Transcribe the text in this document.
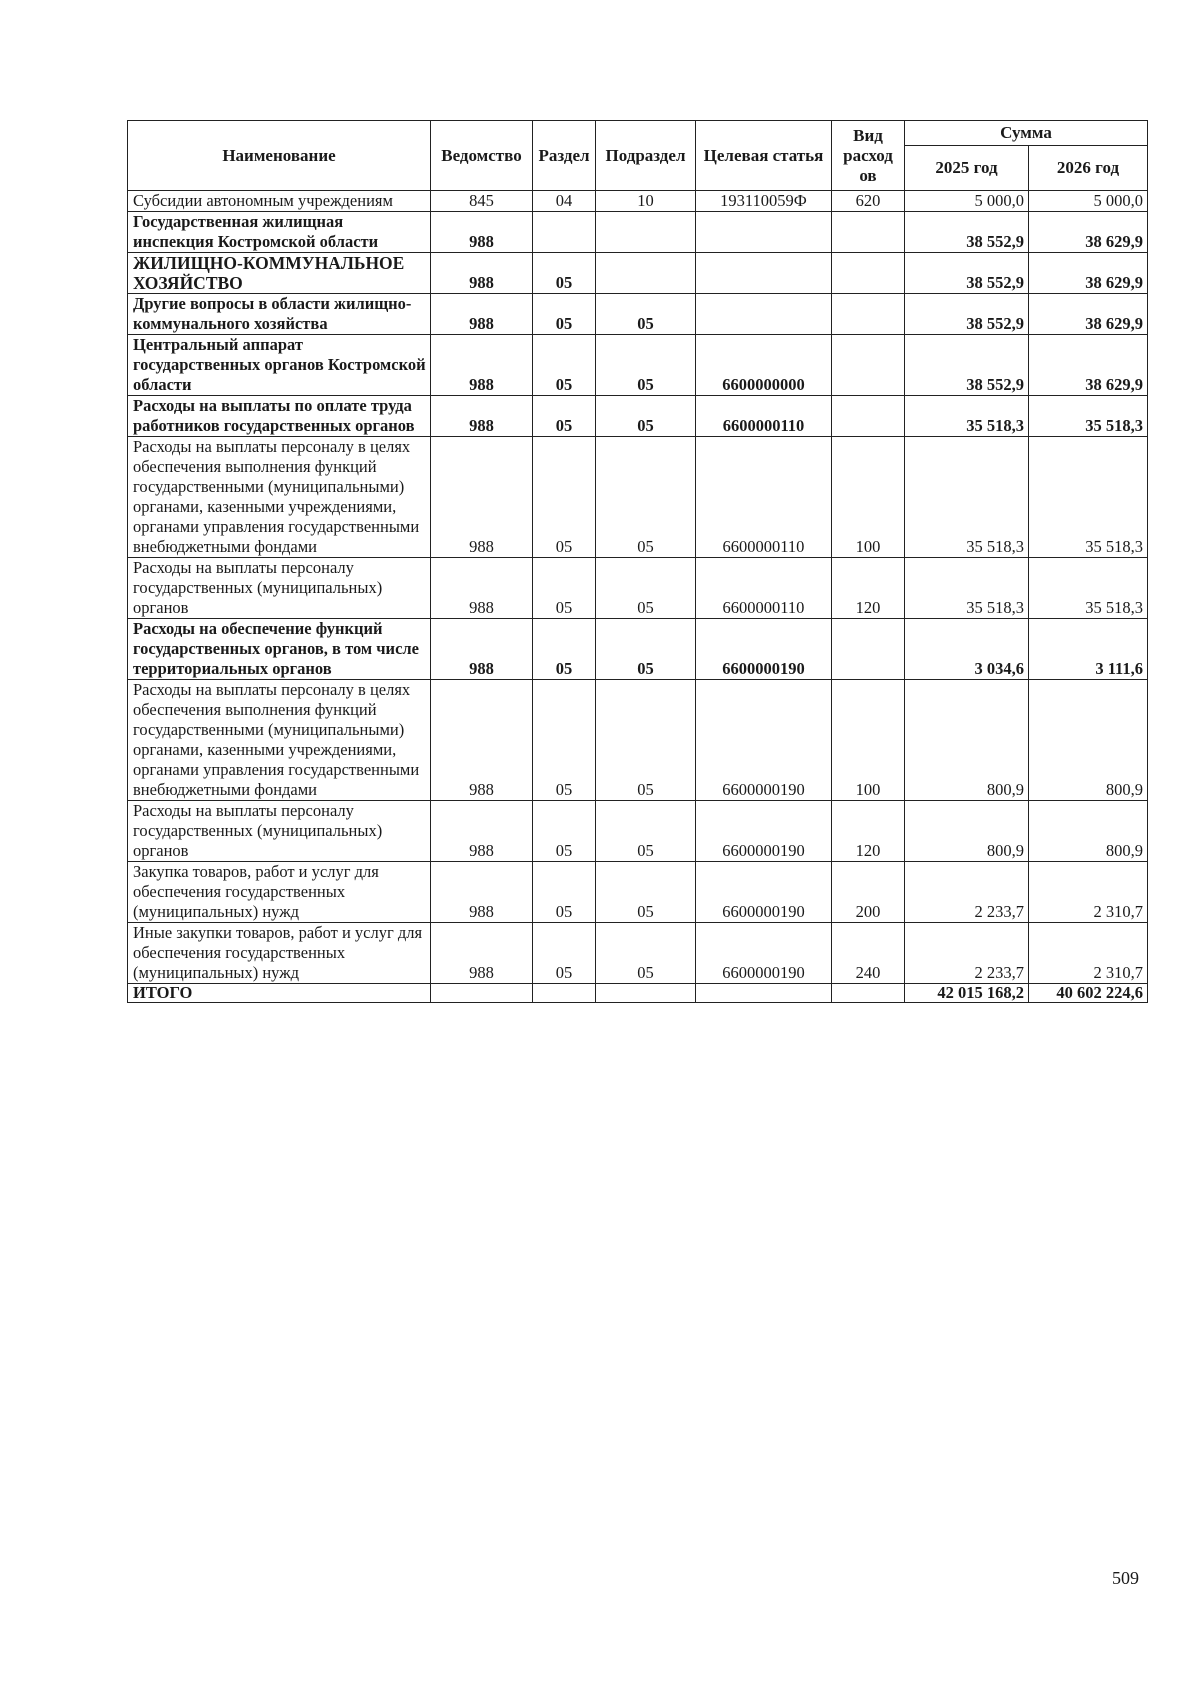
Наименование	Ведомство	Раздел	Подраздел	Целевая статья	Вид расход ов	Сумма	
						2025 год	2026 год
Субсидии автономным учреждениям	845	04	10	193110059Ф	620	5 000,0	5 000,0
Государственная жилищная инспекция Костромской области	988					38 552,9	38 629,9
ЖИЛИЩНО-КОММУНАЛЬНОЕ ХОЗЯЙСТВО	988	05				38 552,9	38 629,9
Другие вопросы в области жилищно-коммунального хозяйства	988	05	05			38 552,9	38 629,9
Центральный аппарат государственных органов Костромской области	988	05	05	6600000000		38 552,9	38 629,9
Расходы на выплаты по оплате труда работников государственных органов	988	05	05	6600000110		35 518,3	35 518,3
Расходы на выплаты персоналу в целях обеспечения выполнения функций государственными (муниципальными) органами, казенными учреждениями, органами управления государственными внебюджетными фондами	988	05	05	6600000110	100	35 518,3	35 518,3
Расходы на выплаты персоналу государственных (муниципальных) органов	988	05	05	6600000110	120	35 518,3	35 518,3
Расходы на обеспечение функций государственных органов, в том числе территориальных органов	988	05	05	6600000190		3 034,6	3 111,6
Расходы на выплаты персоналу в целях обеспечения выполнения функций государственными (муниципальными) органами, казенными учреждениями, органами управления государственными внебюджетными фондами	988	05	05	6600000190	100	800,9	800,9
Расходы на выплаты персоналу государственных (муниципальных) органов	988	05	05	6600000190	120	800,9	800,9
Закупка товаров, работ и услуг для обеспечения государственных (муниципальных) нужд	988	05	05	6600000190	200	2 233,7	2 310,7
Иные закупки товаров, работ и услуг для обеспечения государственных (муниципальных) нужд	988	05	05	6600000190	240	2 233,7	2 310,7
ИТОГО						42 015 168,2	40 602 224,6
509
